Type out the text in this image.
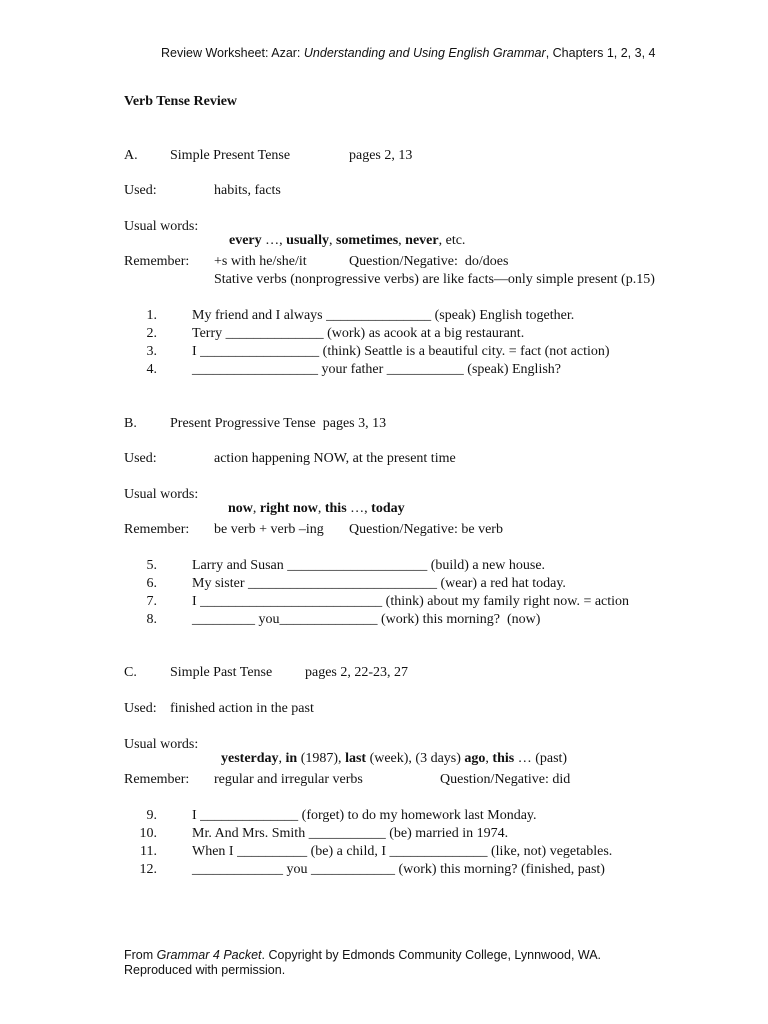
Review Worksheet: Azar: Understanding and Using English Grammar, Chapters 1, 2, 3, 4
Verb Tense Review
A. Simple Present Tense	pages 2, 13
Used:	habits, facts
Usual words:

every …, usually, sometimes, never, etc.

Remember: +s with he/she/it	Question/Negative:  do/does
Stative verbs (nonprogressive verbs) are like facts—only simple present (p.15)
1.	My friend and I always _______________ (speak) English together.
2.	Terry ______________ (work) as acook at a big restaurant.
3.	I _________________ (think) Seattle is a beautiful city. = fact (not action)
4.	__________________ your father ___________ (speak) English?
B. Present Progressive Tense  pages 3, 13
Used:	action happening NOW, at the present time
Usual words:

now, right now, this …, today

Remember: be verb + verb –ing Question/Negative: be verb
5.	Larry and Susan ____________________ (build) a new house.
6.	My sister ___________________________ (wear) a red hat today.
7.	I __________________________ (think) about my family right now. = action
8.	_________ you______________ (work) this morning?  (now)
C. Simple Past Tense pages 2, 22-23, 27
Used: finished action in the past
Usual words:

yesterday, in (1987), last (week), (3 days) ago, this … (past)

Remember: regular and irregular verbs	Question/Negative: did
9.	I ______________ (forget) to do my homework last Monday.
10.	Mr. And Mrs. Smith ___________ (be) married in 1974.
11.	When I __________ (be) a child, I ______________ (like, not) vegetables.
12.	_____________ you ____________ (work) this morning? (finished, past)
From Grammar 4 Packet. Copyright by Edmonds Community College, Lynnwood, WA.
Reproduced with permission.
